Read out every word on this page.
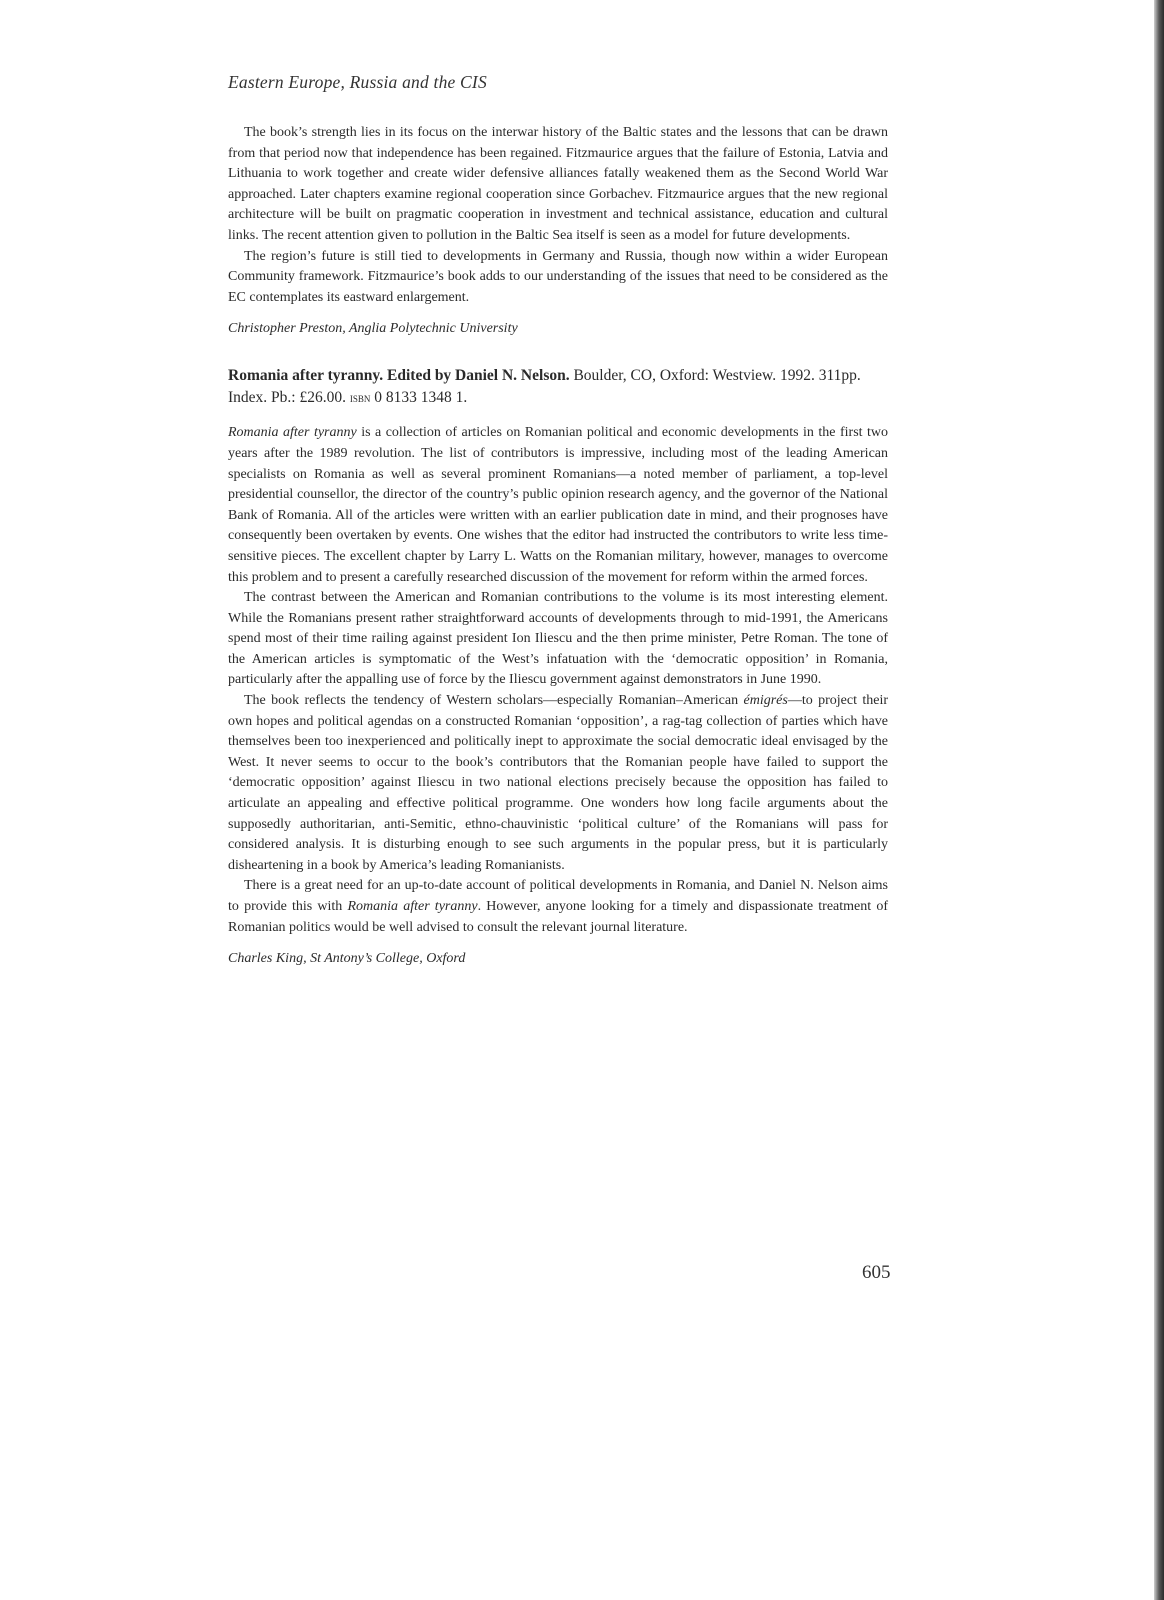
Eastern Europe, Russia and the CIS

The book’s strength lies in its focus on the interwar history of the Baltic states and the lessons that can be drawn from that period now that independence has been regained. Fitzmaurice argues that the failure of Estonia, Latvia and Lithuania to work together and create wider defensive alliances fatally weakened them as the Second World War approached. Later chapters examine regional cooperation since Gorbachev. Fitzmaurice argues that the new regional architecture will be built on pragmatic cooperation in investment and technical assistance, education and cultural links. The recent attention given to pollution in the Baltic Sea itself is seen as a model for future developments.

The region’s future is still tied to developments in Germany and Russia, though now within a wider European Community framework. Fitzmaurice’s book adds to our understanding of the issues that need to be considered as the EC contemplates its eastward enlargement.

Christopher Preston, Anglia Polytechnic University
Romania after tyranny. Edited by Daniel N. Nelson. Boulder, CO, Oxford: Westview. 1992. 311pp. Index. Pb.: £26.00. isbn 0 8133 1348 1.

Romania after tyranny is a collection of articles on Romanian political and economic developments in the first two years after the 1989 revolution. The list of contributors is impressive, including most of the leading American specialists on Romania as well as several prominent Romanians—a noted member of parliament, a top-level presidential counsellor, the director of the country’s public opinion research agency, and the governor of the National Bank of Romania. All of the articles were written with an earlier publication date in mind, and their prognoses have consequently been overtaken by events. One wishes that the editor had instructed the contributors to write less time-sensitive pieces. The excellent chapter by Larry L. Watts on the Romanian military, however, manages to overcome this problem and to present a carefully researched discussion of the movement for reform within the armed forces.

The contrast between the American and Romanian contributions to the volume is its most interesting element. While the Romanians present rather straightforward accounts of developments through to mid-1991, the Americans spend most of their time railing against president Ion Iliescu and the then prime minister, Petre Roman. The tone of the American articles is symptomatic of the West’s infatuation with the ‘democratic opposition’ in Romania, particularly after the appalling use of force by the Iliescu government against demonstrators in June 1990.

The book reflects the tendency of Western scholars—especially Romanian–American émigrés—to project their own hopes and political agendas on a constructed Romanian ‘opposition’, a rag-tag collection of parties which have themselves been too inexperienced and politically inept to approximate the social democratic ideal envisaged by the West. It never seems to occur to the book’s contributors that the Romanian people have failed to support the ‘democratic opposition’ against Iliescu in two national elections precisely because the opposition has failed to articulate an appealing and effective political programme. One wonders how long facile arguments about the supposedly authoritarian, anti-Semitic, ethno-chauvinistic ‘political culture’ of the Romanians will pass for considered analysis. It is disturbing enough to see such arguments in the popular press, but it is particularly disheartening in a book by America’s leading Romanianists.

There is a great need for an up-to-date account of political developments in Romania, and Daniel N. Nelson aims to provide this with Romania after tyranny. However, anyone looking for a timely and dispassionate treatment of Romanian politics would be well advised to consult the relevant journal literature.

Charles King, St Antony’s College, Oxford
605
